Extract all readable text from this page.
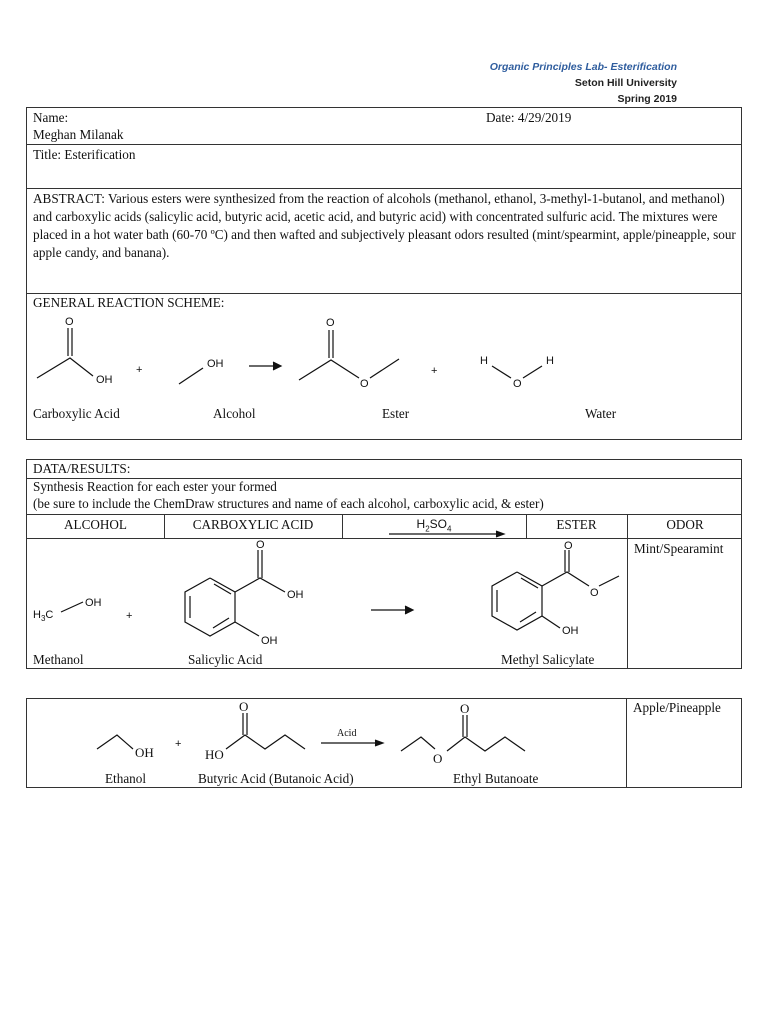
Organic Principles Lab- Esterification
Seton Hill University
Spring 2019
Name:
Meghan Milanak
Date: 4/29/2019
Title: Esterification
ABSTRACT: Various esters were synthesized from the reaction of alcohols (methanol, ethanol, 3-methyl-1-butanol, and methanol) and carboxylic acids (salicylic acid, butyric acid, acetic acid, and butyric acid) with concentrated sulfuric acid. The mixtures were placed in a hot water bath (60-70 ºC) and then wafted and subjectively pleasant odors resulted (mint/spearmint, apple/pineapple, sour apple candy, and banana).
GENERAL REACTION SCHEME:
O
OH
+	OH
O
O
+
H
O
H
Carboxylic Acid	Alcohol	Ester	Water
DATA/RESULTS:
Synthesis Reaction for each ester your formed
(be sure to include the ChemDraw structures and name of each alcohol, carboxylic acid, & ester)
ALCOHOL	CARBOXYLIC ACID	$H_2SO_4$	ESTER	ODOR
$H_3C$
OH
+
O
OH
OH
O
O
OH
Methanol	Salicylic Acid	Methyl Salicylate
Mint/Spearamint
OH
+
HO
O
Acid
O
O
Ethanol	Butyric Acid (Butanoic Acid)	Ethyl Butanoate
Apple/Pineapple
